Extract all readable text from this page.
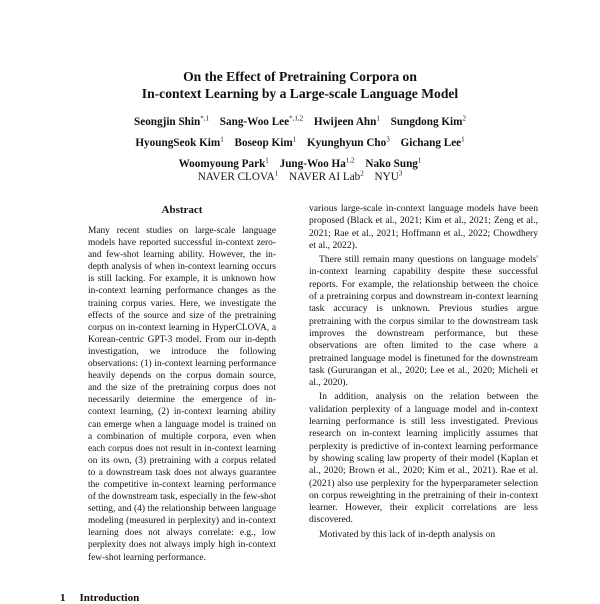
On the Effect of Pretraining Corpora on
In-context Learning by a Large-scale Language Model
Seongjin Shin$^{*,1}$ Sang-Woo Lee$^{*,1,2}$ Hwijeen Ahn$^1$ Sungdong Kim$^2$
HyoungSeok Kim$^1$ Boseop Kim$^1$ Kyunghyun Cho$^3$ Gichang Lee$^1$
Woomyoung Park$^1$ Jung-Woo Ha$^{1,2}$ Nako Sung$^1$
NAVER CLOVA$^1$ NAVER AI Lab$^2$ NYU$^3$
Abstract

Many recent studies on large-scale language models have reported successful in-context zero- and few-shot learning ability. However, the in-depth analysis of when in-context learning occurs is still lacking. For example, it is unknown how in-context learning performance changes as the training corpus varies. Here, we investigate the effects of the source and size of the pretraining corpus on in-context learning in HyperCLOVA, a Korean-centric GPT-3 model. From our in-depth investigation, we introduce the following observations: (1) in-context learning performance heavily depends on the corpus domain source, and the size of the pretraining corpus does not necessarily determine the emergence of in-context learning, (2) in-context learning ability can emerge when a language model is trained on a combination of multiple corpora, even when each corpus does not result in in-context learning on its own, (3) pretraining with a corpus related to a downstream task does not always guarantee the competitive in-context learning performance of the downstream task, especially in the few-shot setting, and (4) the relationship between language modeling (measured in perplexity) and in-context learning does not always correlate: e.g., low perplexity does not always imply high in-context few-shot learning performance.

various large-scale in-context language models have been proposed (Black et al., 2021; Kim et al., 2021; Zeng et al., 2021; Rae et al., 2021; Hoffmann et al., 2022; Chowdhery et al., 2022).

There still remain many questions on language models' in-context learning capability despite these successful reports. For example, the relationship between the choice of a pretraining corpus and downstream in-context learning task accuracy is unknown. Previous studies argue pretraining with the corpus similar to the downstream task improves the downstream performance, but these observations are often limited to the case where a pretrained language model is finetuned for the downstream task (Gururangan et al., 2020; Lee et al., 2020; Micheli et al., 2020).

In addition, analysis on the relation between the validation perplexity of a language model and in-context learning performance is still less investigated. Previous research on in-context learning implicitly assumes that perplexity is predictive of in-context learning performance by showing scaling law property of their model (Kaplan et al., 2020; Brown et al., 2020; Kim et al., 2021). Rae et al. (2021) also use perplexity for the hyperparameter selection on corpus reweighting in the pretraining of their in-context learner. However, their explicit correlations are less discovered.

Motivated by this lack of in-depth analysis on

1 Introduction
